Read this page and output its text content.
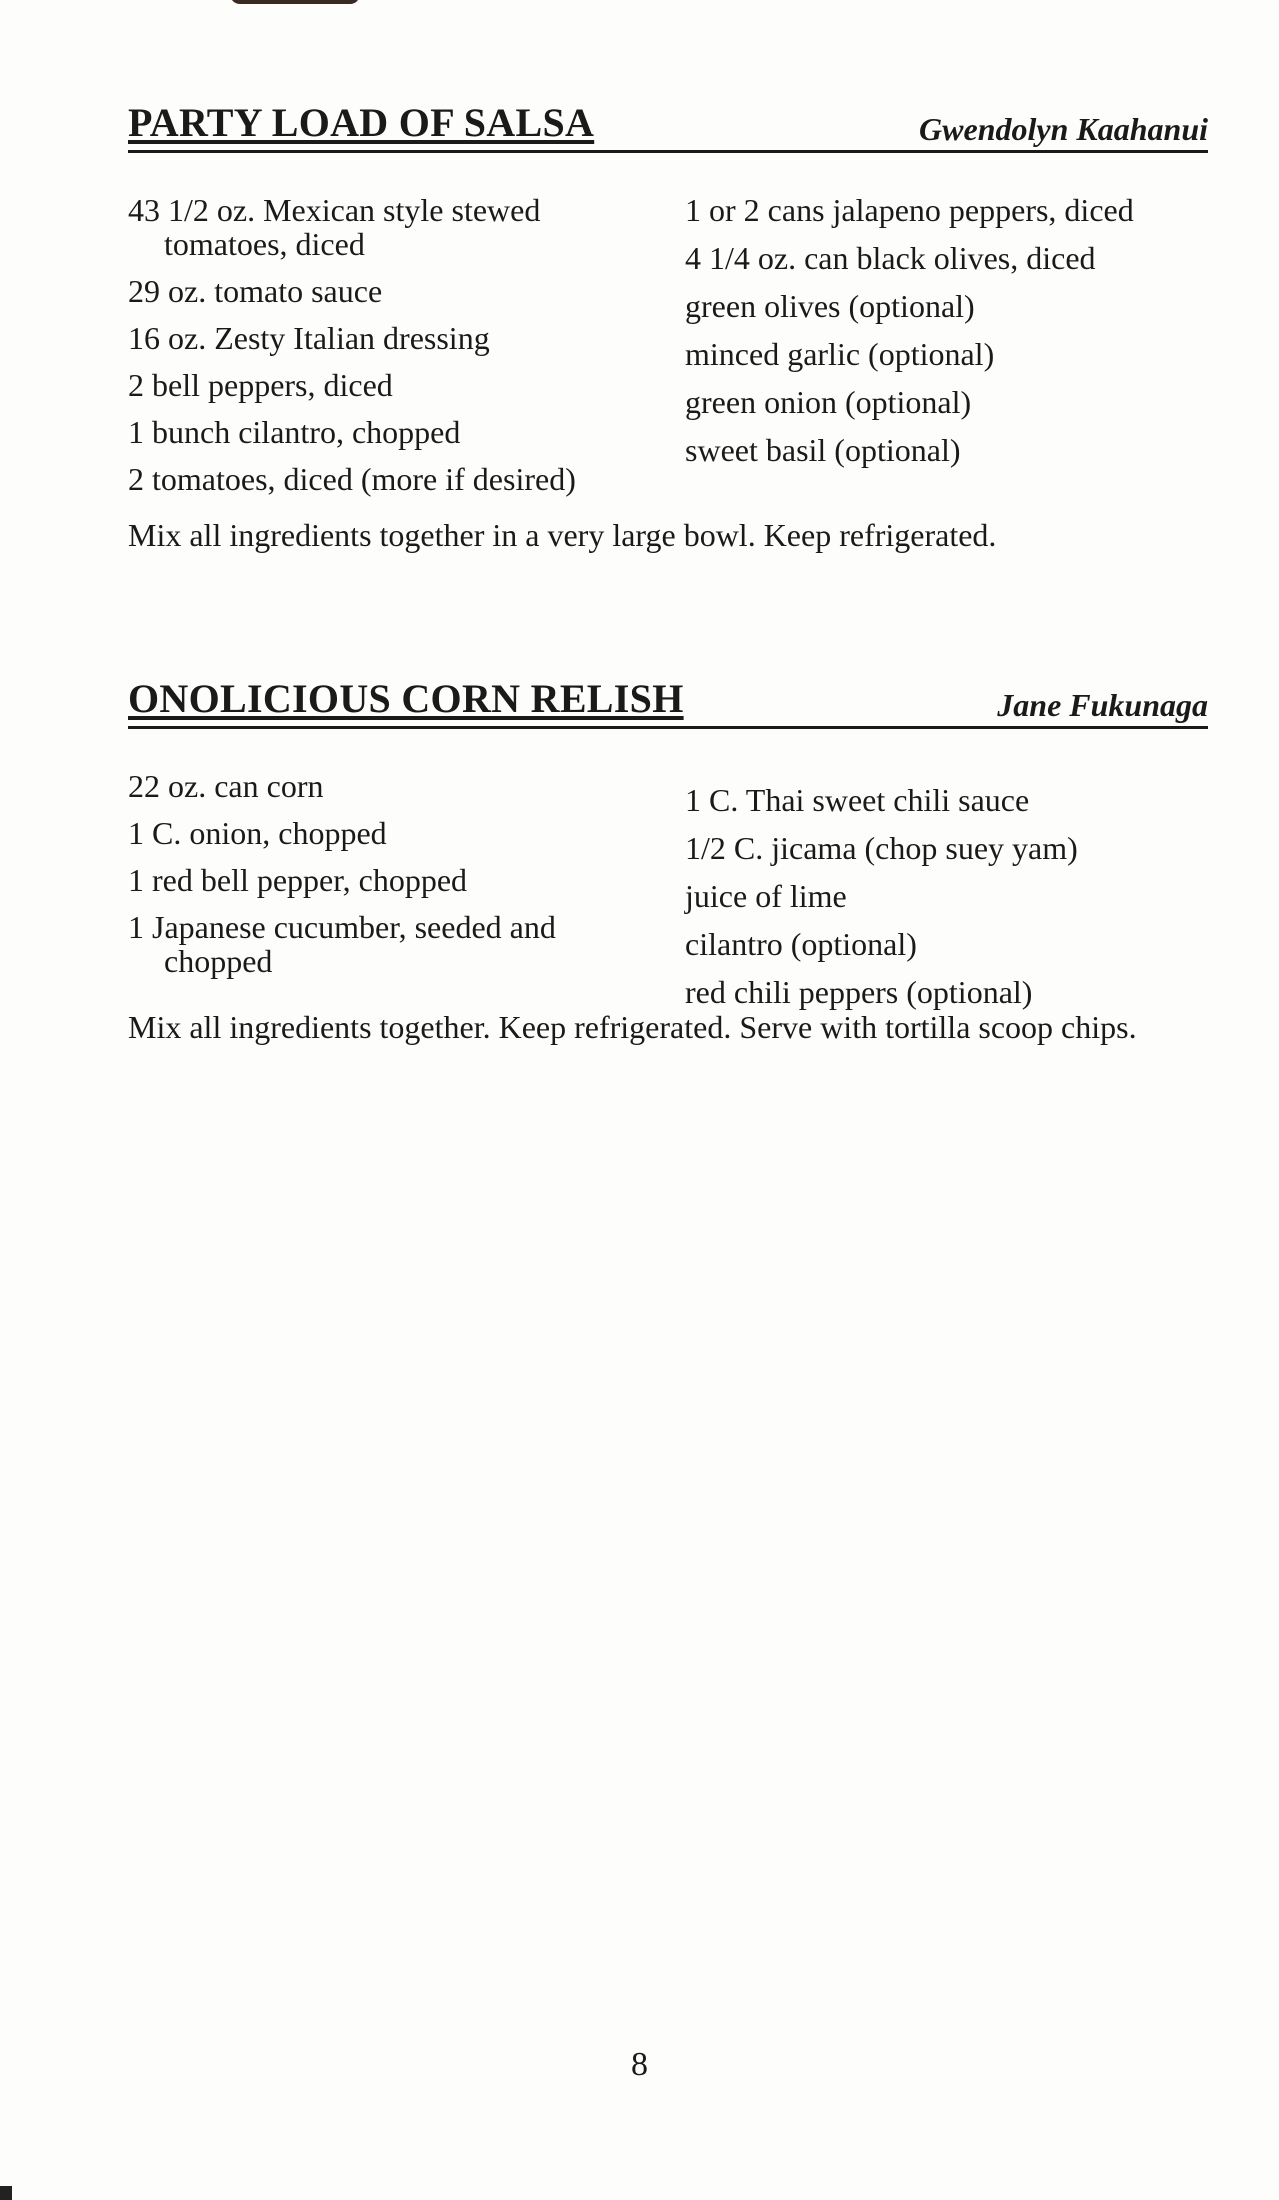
PARTY LOAD OF SALSA	Gwendolyn Kaahanui
43 1/2 oz. Mexican style stewed tomatoes, diced
29 oz. tomato sauce
16 oz. Zesty Italian dressing
2 bell peppers, diced
1 bunch cilantro, chopped
2 tomatoes, diced (more if desired)
1 or 2 cans jalapeno peppers, diced
4 1/4 oz. can black olives, diced
green olives (optional)
minced garlic (optional)
green onion (optional)
sweet basil (optional)

Mix all ingredients together in a very large bowl. Keep refrigerated.

ONOLICIOUS CORN RELISH	Jane Fukunaga
22 oz. can corn
1 C. onion, chopped
1 red bell pepper, chopped
1 Japanese cucumber, seeded and chopped
1 C. Thai sweet chili sauce
1/2 C. jicama (chop suey yam)
juice of lime
cilantro (optional)
red chili peppers (optional)

Mix all ingredients together. Keep refrigerated. Serve with tortilla scoop chips.

8
